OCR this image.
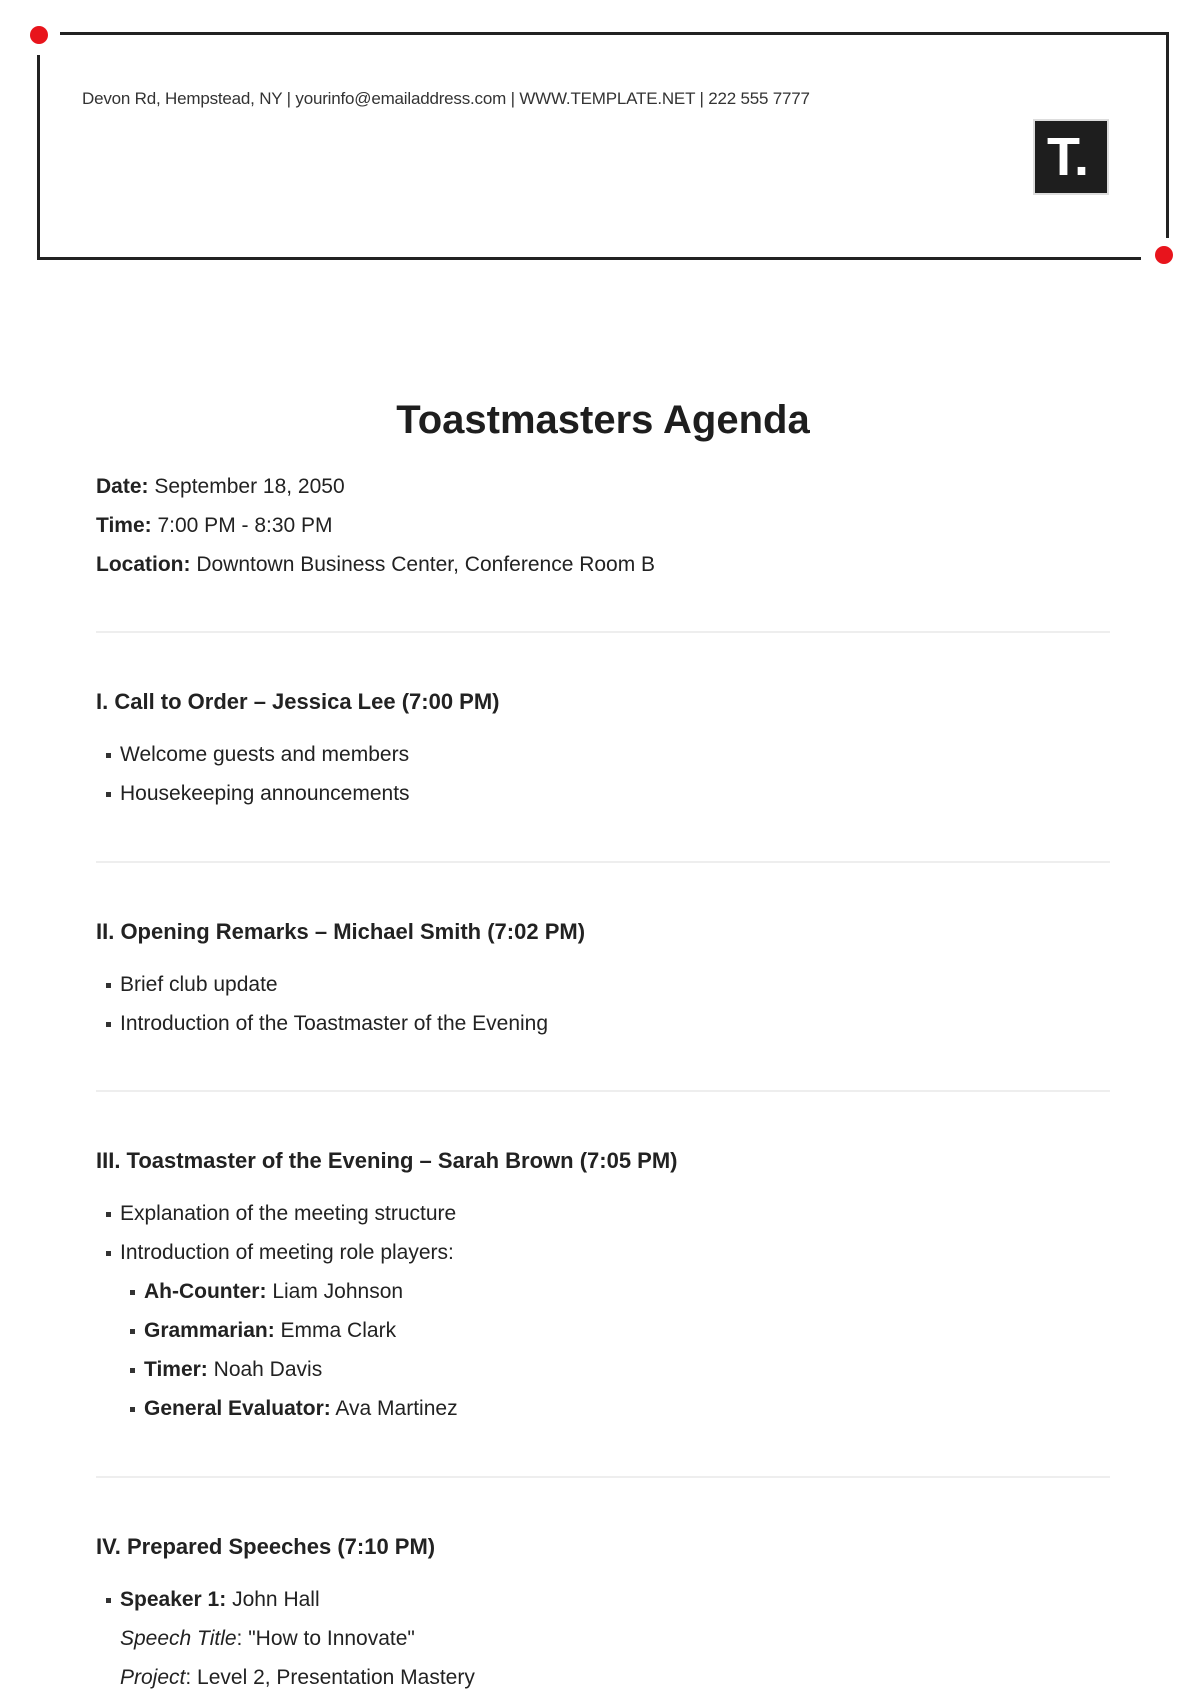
Devon Rd, Hempstead, NY | yourinfo@emailaddress.com | WWW.TEMPLATE.NET | 222 555 7777
T.
Toastmasters Agenda
Date: September 18, 2050
Time: 7:00 PM - 8:30 PM
Location: Downtown Business Center, Conference Room B
I. Call to Order – Jessica Lee (7:00 PM)
Welcome guests and members
Housekeeping announcements
II. Opening Remarks – Michael Smith (7:02 PM)
Brief club update
Introduction of the Toastmaster of the Evening
III. Toastmaster of the Evening – Sarah Brown (7:05 PM)
Explanation of the meeting structure
Introduction of meeting role players:
Ah-Counter: Liam Johnson
Grammarian: Emma Clark
Timer: Noah Davis
General Evaluator: Ava Martinez
IV. Prepared Speeches (7:10 PM)
Speaker 1: John Hall
Speech Title: "How to Innovate"
Project: Level 2, Presentation Mastery
